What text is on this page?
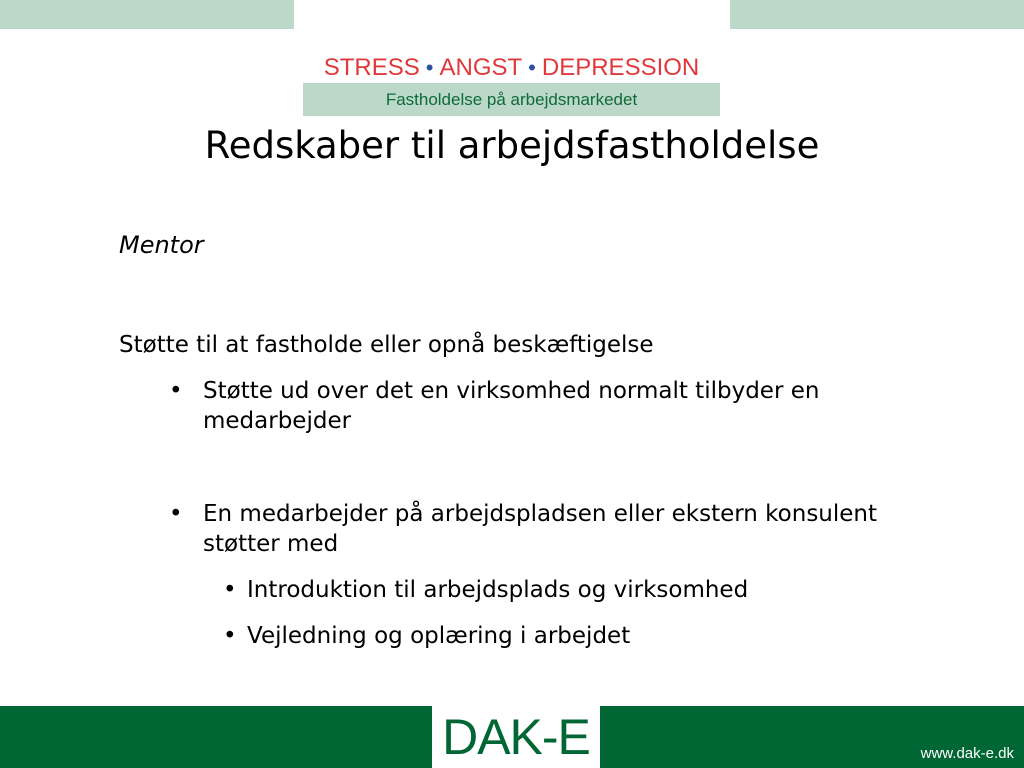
STRESS • ANGST • DEPRESSION
Fastholdelse på arbejdsmarkedet
Redskaber til arbejdsfastholdelse
Mentor
Støtte til at fastholde eller opnå beskæftigelse
• Støtte ud over det en virksomhed normalt tilbyder en medarbejder
• En medarbejder på arbejdspladsen eller ekstern konsulent støtter med
• Introduktion til arbejdsplads og virksomhed
• Vejledning og oplæring i arbejdet
DAK-E	www.dak-e.dk
